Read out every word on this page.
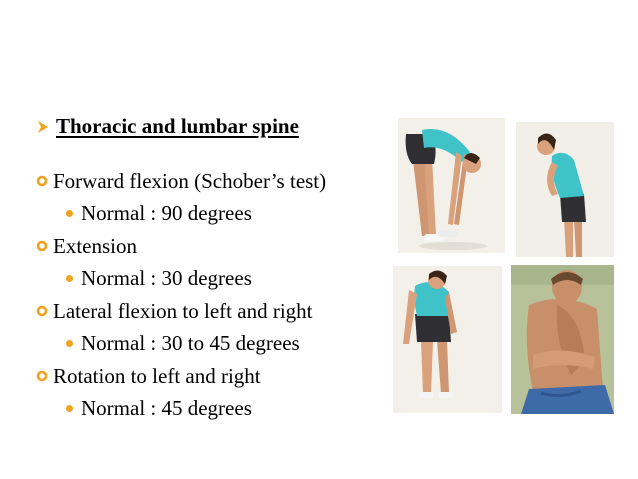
Thoracic and lumbar spine
Forward flexion (Schober’s test)
Normal : 90 degrees
Extension
Normal : 30 degrees
Lateral flexion to left and right
Normal : 30 to 45 degrees
Rotation to left and right
Normal : 45 degrees
